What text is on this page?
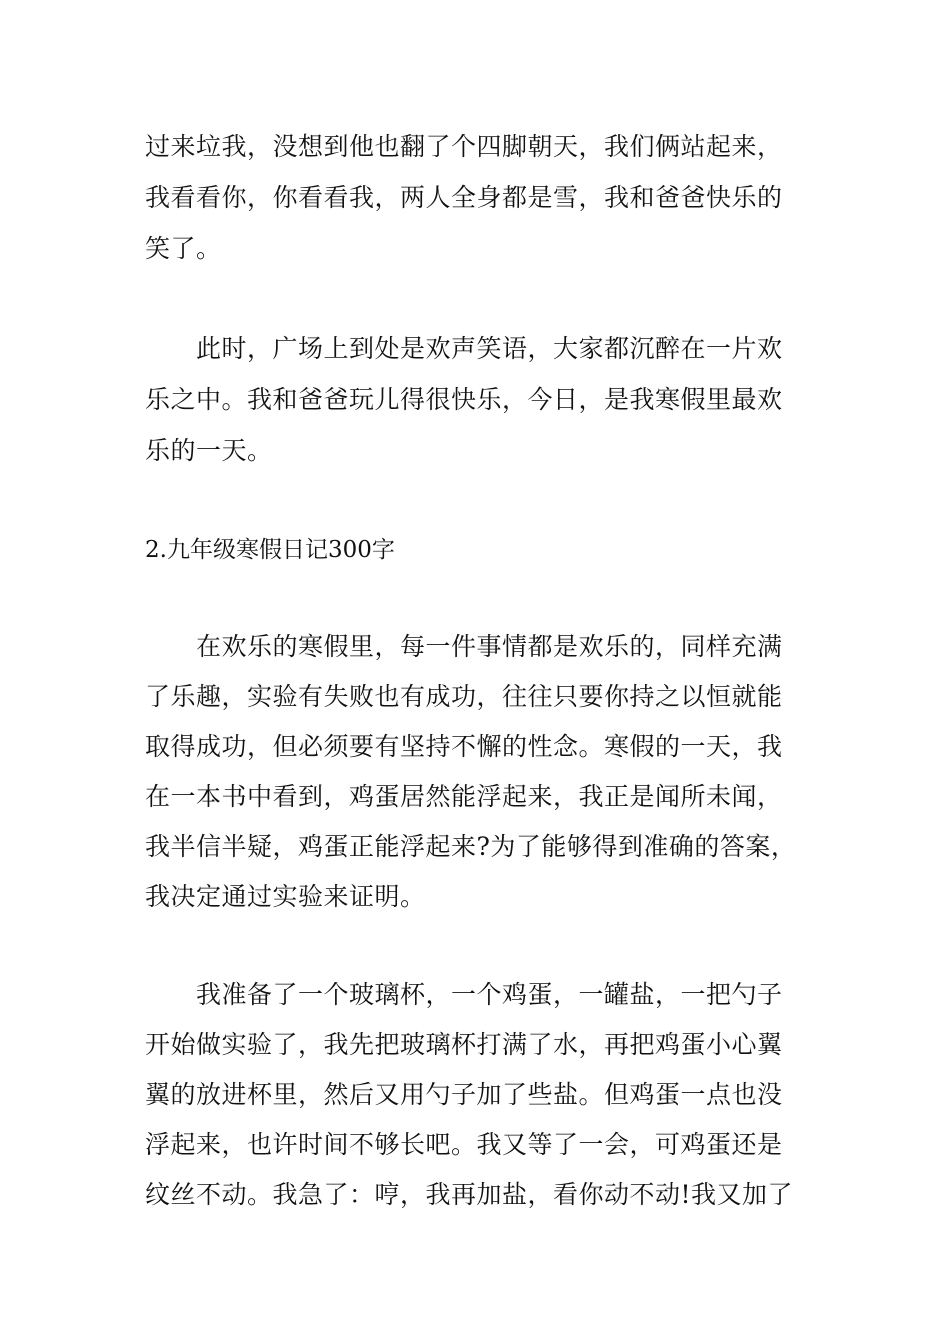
过来垃我，没想到他也翻了个四脚朝天，我们俩站起来，
我看看你，你看看我，两人全身都是雪，我和爸爸快乐的
笑了。
　　此时，广场上到处是欢声笑语，大家都沉醉在一片欢
乐之中。我和爸爸玩儿得很快乐，今日，是我寒假里最欢
乐的一天。
2.九年级寒假日记300字
　　在欢乐的寒假里，每一件事情都是欢乐的，同样充满
了乐趣，实验有失败也有成功，往往只要你持之以恒就能
取得成功，但必须要有坚持不懈的性念。寒假的一天，我
在一本书中看到，鸡蛋居然能浮起来，我正是闻所未闻，
我半信半疑，鸡蛋正能浮起来?为了能够得到准确的答案，
我决定通过实验来证明。
　　我准备了一个玻璃杯，一个鸡蛋，一罐盐，一把勺子
开始做实验了，我先把玻璃杯打满了水，再把鸡蛋小心翼
翼的放进杯里，然后又用勺子加了些盐。但鸡蛋一点也没
浮起来，也许时间不够长吧。我又等了一会，可鸡蛋还是
纹丝不动。我急了：哼，我再加盐，看你动不动!我又加了
